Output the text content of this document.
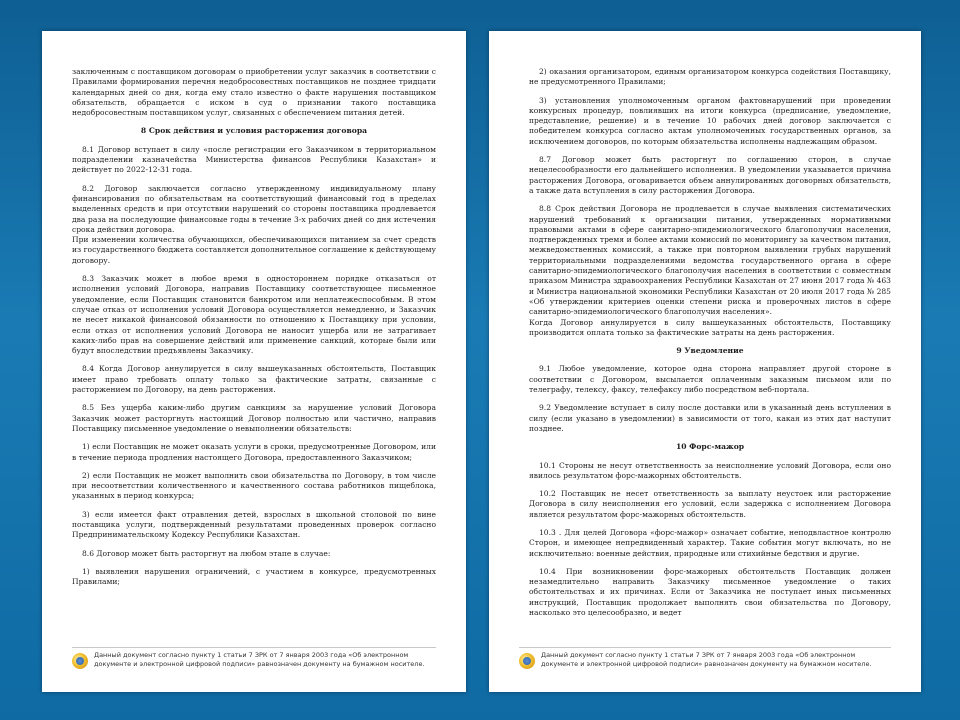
заключенным с поставщиком договорам о приобретении услуг заказчик в соответствии с Правилами формирования перечня недобросовестных поставщиков не позднее тридцати календарных дней со дня, когда ему стало известно о факте нарушения поставщиком обязательств, обращается с иском в суд о признании такого поставщика недобросовестным поставщиком услуг, связанных с обеспечением питания детей.

8 Срок действия и условия расторжения договора

8.1 Договор вступает в силу «после регистрации его Заказчиком в территориальном подразделении казначейства Министерства финансов Республики Казахстан» и действует по 2022-12-31 года.

8.2 Договор заключается согласно утвержденному индивидуальному плану финансирования по обязательствам на соответствующий финансовый год в пределах выделенных средств и при отсутствии нарушений со стороны поставщика продлевается два раза на последующие финансовые годы в течение 3-х рабочих дней со дня истечения срока действия договора.

При изменении количества обучающихся, обеспечивающихся питанием за счет средств из государственного бюджета составляется дополнительное соглашение к действующему договору.

8.3 Заказчик может в любое время в одностороннем порядке отказаться от исполнения условий Договора, направив Поставщику соответствующее письменное уведомление, если Поставщик становится банкротом или неплатежеспособным. В этом случае отказ от исполнения условий Договора осуществляется немедленно, и Заказчик не несет никакой финансовой обязанности по отношению к Поставщику при условии, если отказ от исполнения условий Договора не наносит ущерба или не затрагивает каких-либо прав на совершение действий или применение санкций, которые были или будут впоследствии предъявлены Заказчику.

8.4 Когда Договор аннулируется в силу вышеуказанных обстоятельств, Поставщик имеет право требовать оплату только за фактические затраты, связанные с расторжением по Договору, на день расторжения.

8.5 Без ущерба каким-либо другим санкциям за нарушение условий Договора Заказчик может расторгнуть настоящий Договор полностью или частично, направив Поставщику письменное уведомление о невыполнении обязательств:

1) если Поставщик не может оказать услуги в сроки, предусмотренные Договором, или в течение периода продления настоящего Договора, предоставленного Заказчиком;

2) если Поставщик не может выполнить свои обязательства по Договору, в том числе при несоответствии количественного и качественного состава работников пищеблока, указанных в период конкурса;

3) если имеется факт отравления детей, взрослых в школьной столовой по вине поставщика услуги, подтвержденный результатами проведенных проверок согласно Предпринимательскому Кодексу Республики Казахстан.

8.6 Договор может быть расторгнут на любом этапе в случае:

1) выявления нарушения ограничений, с участием в конкурсе, предусмотренных Правилами;

Данный документ согласно пункту 1 статьи 7 ЗРК от 7 января 2003 года «Об электронном документе и электронной цифровой подписи» равнозначен документу на бумажном носителе.

2) оказания организатором, единым организатором конкурса содействия Поставщику, не предусмотренного Правилами;

3) установления уполномоченным органом фактовнарушений при проведении конкурсных процедур, повлиявших на итоги конкурса (предписание, уведомление, представление, решение) и в течение 10 рабочих дней договор заключается с победителем конкурса согласно актам уполномоченных государственных органов, за исключением договоров, по которым обязательства исполнены надлежащим образом.

8.7 Договор может быть расторгнут по соглашению сторон, в случае нецелесообразности его дальнейшего исполнения. В уведомлении указывается причина расторжения Договора, оговаривается объем аннулированных договорных обязательств, а также дата вступления в силу расторжения Договора.

8.8 Срок действия Договора не продлевается в случае выявления систематических нарушений требований к организации питания, утвержденных нормативными правовыми актами в сфере санитарно-эпидемиологического благополучия населения, подтвержденных тремя и более актами комиссий по мониторингу за качеством питания, межведомственных комиссий, а также при повторном выявлении грубых нарушений территориальными подразделениями ведомства государственного органа в сфере санитарно-эпидемиологического благополучия населения в соответствии с совместным приказом Министра здравоохранения Республики Казахстан от 27 июня 2017 года № 463 и Министра национальной экономики Республики Казахстан от 20 июля 2017 года № 285 «Об утверждении критериев оценки степени риска и проверочных листов в сфере санитарно-эпидемиологического благополучия населения».

Когда Договор аннулируется в силу вышеуказанных обстоятельств, Поставщику производится оплата только за фактические затраты на день расторжения.

9 Уведомление

9.1 Любое уведомление, которое одна сторона направляет другой стороне в соответствии с Договором, высылается оплаченным заказным письмом или по телеграфу, телексу, факсу, телефаксу либо посредством веб-портала.

9.2 Уведомление вступает в силу после доставки или в указанный день вступления в силу (если указано в уведомлении) в зависимости от того, какая из этих дат наступит позднее.

10 Форс-мажор

10.1 Стороны не несут ответственность за неисполнение условий Договора, если оно явилось результатом форс-мажорных обстоятельств.

10.2 Поставщик не несет ответственность за выплату неустоек или расторжение Договора в силу неисполнения его условий, если задержка с исполнением Договора является результатом форс-мажорных обстоятельств.

10.3 . Для целей Договора «форс-мажор» означает событие, неподвластное контролю Сторон, и имеющее непредвиденный характер. Такие события могут включать, но не исключительно: военные действия, природные или стихийные бедствия и другие.

10.4 При возникновении форс-мажорных обстоятельств Поставщик должен незамедлительно направить Заказчику письменное уведомление о таких обстоятельствах и их причинах. Если от Заказчика не поступает иных письменных инструкций, Поставщик продолжает выполнять свои обязательства по Договору, насколько это целесообразно, и ведет

Данный документ согласно пункту 1 статьи 7 ЗРК от 7 января 2003 года «Об электронном документе и электронной цифровой подписи» равнозначен документу на бумажном носителе.
